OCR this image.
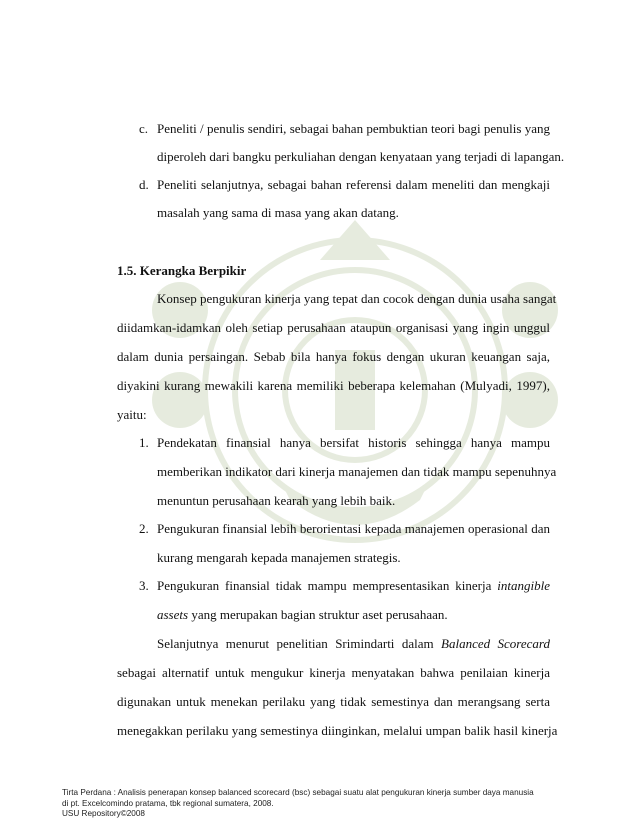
c. Peneliti / penulis sendiri, sebagai bahan pembuktian teori bagi penulis yang
diperoleh dari bangku perkuliahan dengan kenyataan yang terjadi di lapangan.
d. Peneliti selanjutnya, sebagai bahan referensi dalam meneliti dan mengkaji
masalah yang sama di masa yang akan datang.
1.5. Kerangka Berpikir
Konsep pengukuran kinerja yang tepat dan cocok dengan dunia usaha sangat
diidamkan-idamkan oleh setiap perusahaan ataupun organisasi yang ingin unggul
dalam dunia persaingan. Sebab bila hanya fokus dengan ukuran keuangan saja,
diyakini kurang mewakili karena memiliki beberapa kelemahan (Mulyadi, 1997),
yaitu:
1. Pendekatan finansial hanya bersifat historis sehingga hanya mampu
memberikan indikator dari kinerja manajemen dan tidak mampu sepenuhnya
menuntun perusahaan kearah yang lebih baik.
2. Pengukuran finansial lebih berorientasi kepada manajemen operasional dan
kurang mengarah kepada manajemen strategis.
3. Pengukuran finansial tidak mampu mempresentasikan kinerja intangible
assets yang merupakan bagian struktur aset perusahaan.
Selanjutnya menurut penelitian Srimindarti dalam Balanced Scorecard
sebagai alternatif untuk mengukur kinerja menyatakan bahwa penilaian kinerja
digunakan untuk menekan perilaku yang tidak semestinya dan merangsang serta
menegakkan perilaku yang semestinya diinginkan, melalui umpan balik hasil kinerja
Tirta Perdana : Analisis penerapan konsep balanced scorecard (bsc) sebagai suatu alat pengukuran kinerja sumber daya manusia
di pt. Excelcomindo pratama, tbk regional sumatera, 2008.
USU Repository©2008
